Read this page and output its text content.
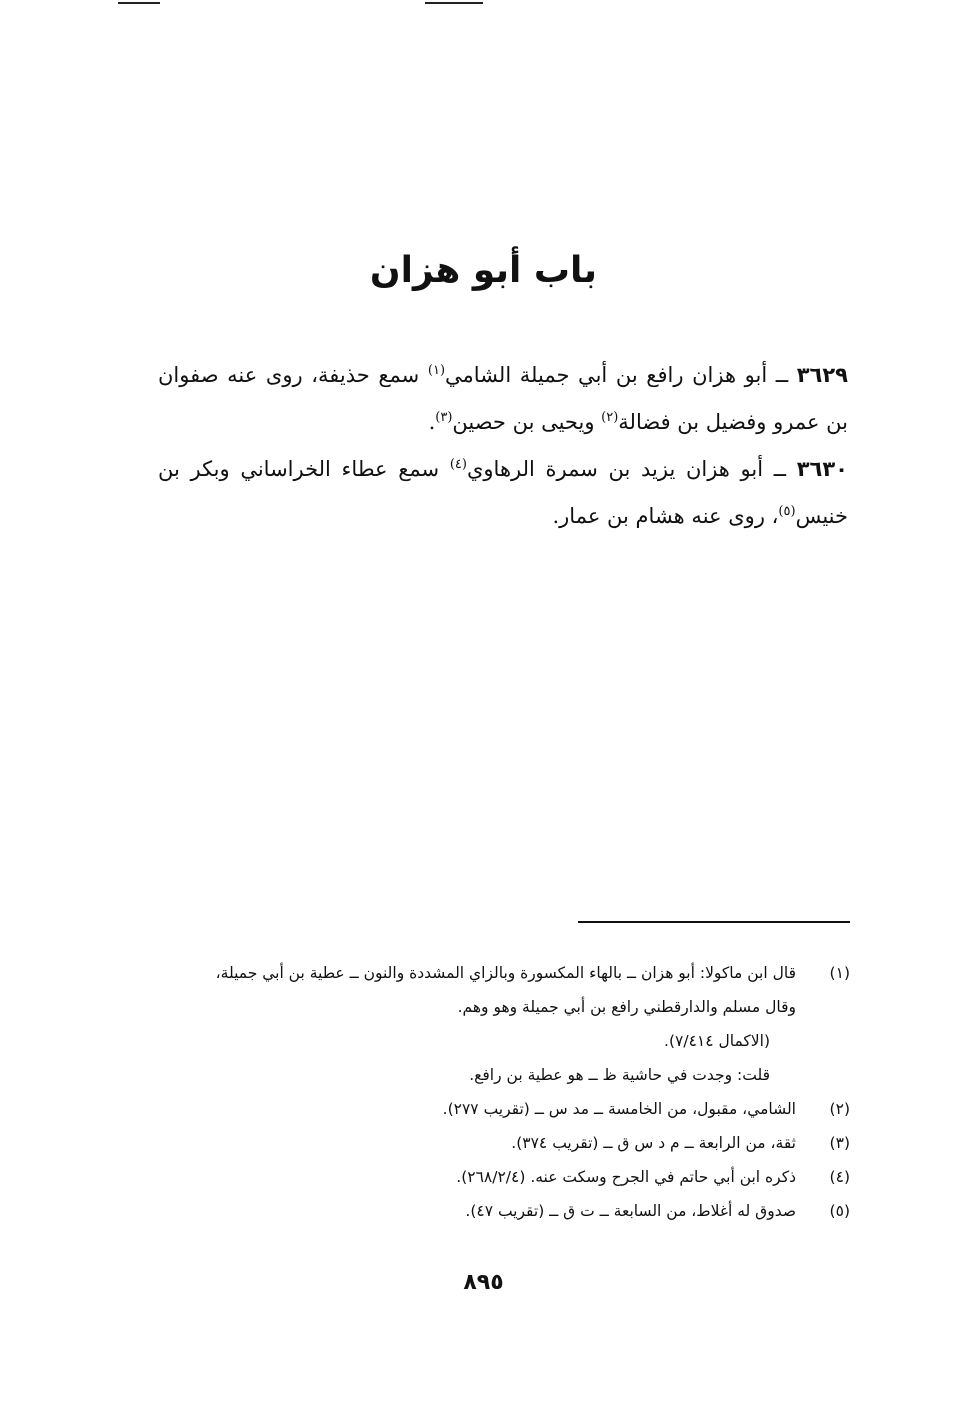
باب أبو هزان

٣٦٢٩ ــ أبو هزان رافع بن أبي جميلة الشامي$^{(١)}$ سمع حذيفة، روى عنه صفوان بن عمرو وفضيل بن فضالة$^{(٢)}$ ويحيى بن حصين$^{(٣)}$.

٣٦٣٠ ــ أبو هزان يزيد بن سمرة الرهاوي$^{(٤)}$ سمع عطاء الخراساني وبكر بن خنيس$^{(٥)}$، روى عنه هشام بن عمار.

(١)
قال ابن ماكولا: أبو هزان ــ بالهاء المكسورة وبالزاي المشددة والنون ــ عطية بن أبي جميلة،
وقال مسلم والدارقطني رافع بن أبي جميلة وهو وهم.
(الاكمال ٧/٤١٤).
قلت: وجدت في حاشية ظ ــ هو عطية بن رافع.
(٢)
الشامي، مقبول، من الخامسة ــ مد س ــ (تقريب ٢٧٧).
(٣)
ثقة، من الرابعة ــ م د س ق ــ (تقريب ٣٧٤).
(٤)
ذكره ابن أبي حاتم في الجرح وسكت عنه. (٢٦٨/٢/٤).
(٥)
صدوق له أغلاط، من السابعة ــ ت ق ــ (تقريب ٤٧).
٨٩٥
